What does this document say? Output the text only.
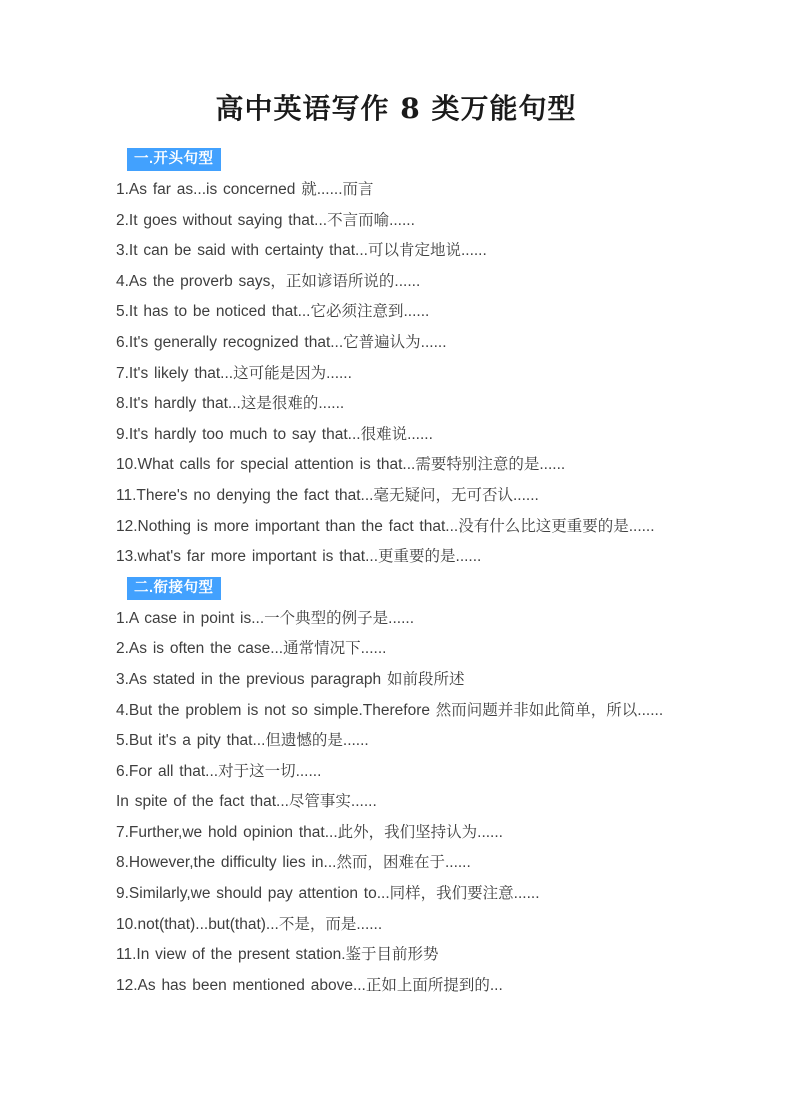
高中英语写作 8 类万能句型
一.开头句型

1.As far as...is concerned 就......而言

2.It goes without saying that...不言而喻......

3.It can be said with certainty that...可以肯定地说......

4.As the proverb says，正如谚语所说的......

5.It has to be noticed that...它必须注意到......

6.It's generally recognized that...它普遍认为......

7.It's likely that...这可能是因为......

8.It's hardly that...这是很难的......

9.It's hardly too much to say that...很难说......

10.What calls for special attention is that...需要特别注意的是......

11.There's no denying the fact that...毫无疑问，无可否认......

12.Nothing is more important than the fact that...没有什么比这更重要的是......

13.what's far more important is that...更重要的是......

二.衔接句型

1.A case in point is...一个典型的例子是......

2.As is often the case...通常情况下......

3.As stated in the previous paragraph 如前段所述

4.But the problem is not so simple.Therefore 然而问题并非如此简单，所以......

5.But it's a pity that...但遗憾的是......

6.For all that...对于这一切......

In spite of the fact that...尽管事实......

7.Further,we hold opinion that...此外，我们坚持认为......

8.However,the difficulty lies in...然而，困难在于......

9.Similarly,we should pay attention to...同样，我们要注意......

10.not(that)...but(that)...不是，而是......

11.In view of the present station.鉴于目前形势

12.As has been mentioned above...正如上面所提到的...
